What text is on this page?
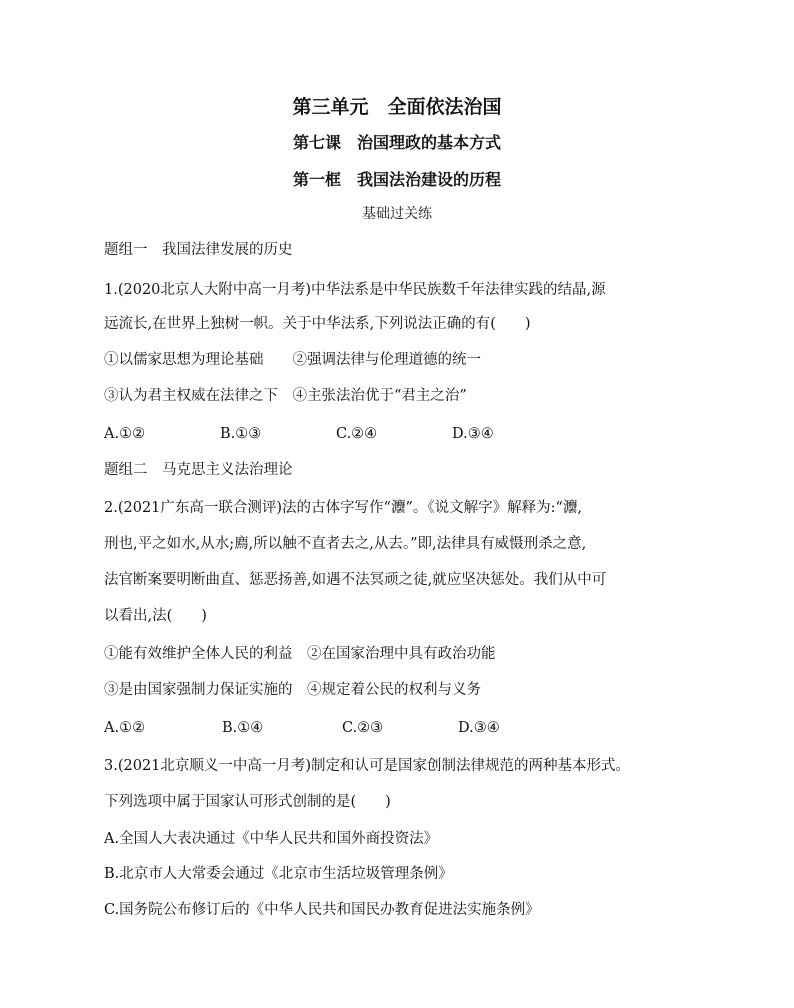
第三单元　全面依法治国
第七课　治国理政的基本方式
第一框　我国法治建设的历程
基础过关练

题组一　我国法律发展的历史

1.(2020北京人大附中高一月考)中华法系是中华民族数千年法律实践的结晶,源

远流长,在世界上独树一帜。关于中华法系,下列说法正确的有(　　)

①以儒家思想为理论基础　　②强调法律与伦理道德的统一

③认为君主权威在法律之下　④主张法治优于“君主之治”

A.①②	B.①③	C.②④	D.③④

题组二　马克思主义法治理论

2.(2021广东高一联合测评)法的古体字写作“灋”。《说文解字》解释为:“灋,

刑也,平之如水,从水;廌,所以触不直者去之,从去。”即,法律具有威慑刑杀之意,

法官断案要明断曲直、惩恶扬善,如遇不法冥顽之徒,就应坚决惩处。我们从中可

以看出,法(　　)

①能有效维护全体人民的利益　②在国家治理中具有政治功能

③是由国家强制力保证实施的　④规定着公民的权利与义务

A.①②	B.①④	C.②③	D.③④

3.(2021北京顺义一中高一月考)制定和认可是国家创制法律规范的两种基本形式。

下列选项中属于国家认可形式创制的是(　　)

A.全国人大表决通过《中华人民共和国外商投资法》

B.北京市人大常委会通过《北京市生活垃圾管理条例》

C.国务院公布修订后的《中华人民共和国民办教育促进法实施条例》
